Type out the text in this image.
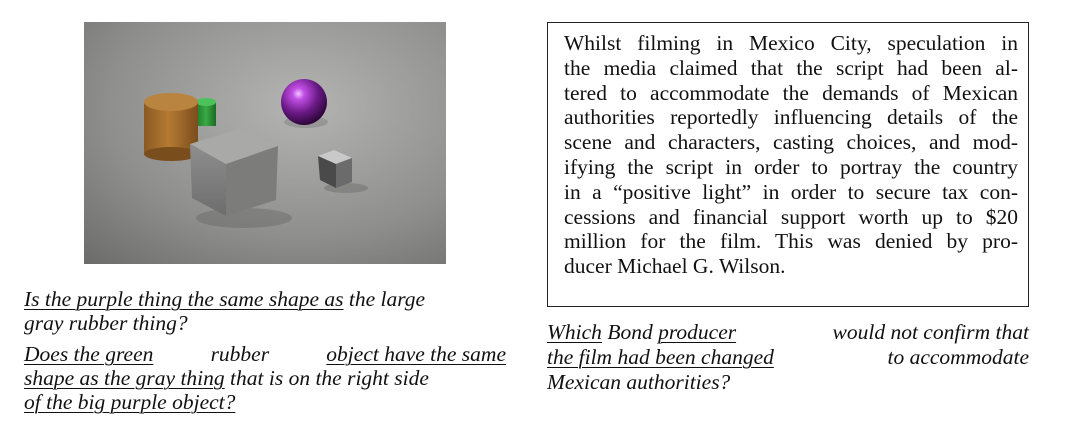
Is the purple thing the same shape as the large
gray rubber thing?
Does the green rubber object have the same
shape as the gray thing that is on the right side
of the big purple object?
Whilst filming in Mexico City, speculation in
the media claimed that the script had been al-
tered to accommodate the demands of Mexican
authorities reportedly influencing details of the
scene and characters, casting choices, and mod-
ifying the script in order to portray the country
in a “positive light” in order to secure tax con-
cessions and financial support worth up to $20
million for the film. This was denied by pro-
ducer Michael G. Wilson.
Which Bond producer	would not confirm that
the film had been changed	to accommodate
Mexican authorities?
